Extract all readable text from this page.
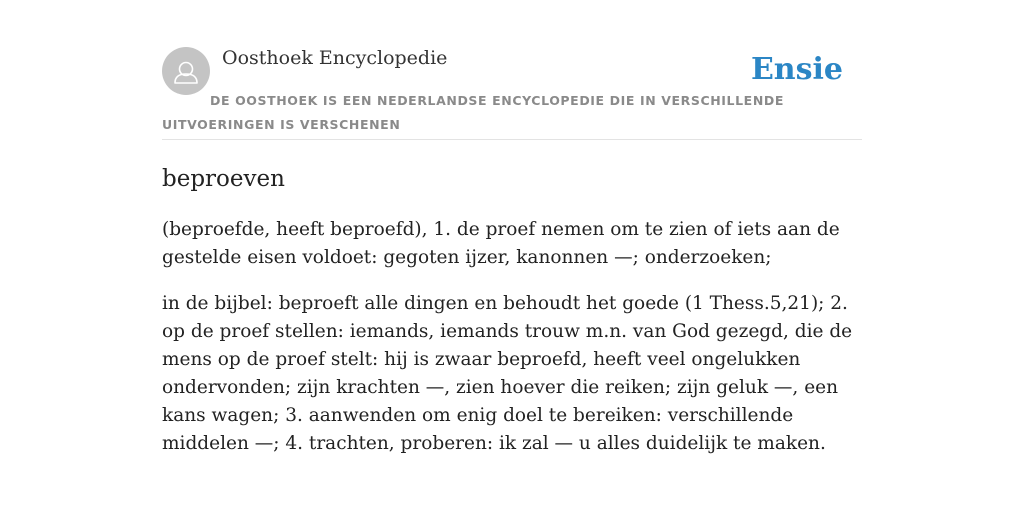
Oosthoek Encyclopedie	Ensie
DE OOSTHOEK IS EEN NEDERLANDSE ENCYCLOPEDIE DIE IN VERSCHILLENDE UITVOERINGEN IS VERSCHENEN
beproeven

(beproefde, heeft beproefd), 1. de proef nemen om te zien of iets aan de gestelde eisen voldoet: gegoten ijzer, kanonnen —; onderzoeken;

in de bijbel: beproeft alle dingen en behoudt het goede (1 Thess.5,21); 2. op de proef stellen: iemands, iemands trouw m.n. van God gezegd, die de mens op de proef stelt: hij is zwaar beproefd, heeft veel ongelukken ondervonden; zijn krachten —, zien hoever die reiken; zijn geluk —, een kans wagen; 3. aanwenden om enig doel te bereiken: verschillende middelen —; 4. trachten, proberen: ik zal — u alles duidelijk te maken.
